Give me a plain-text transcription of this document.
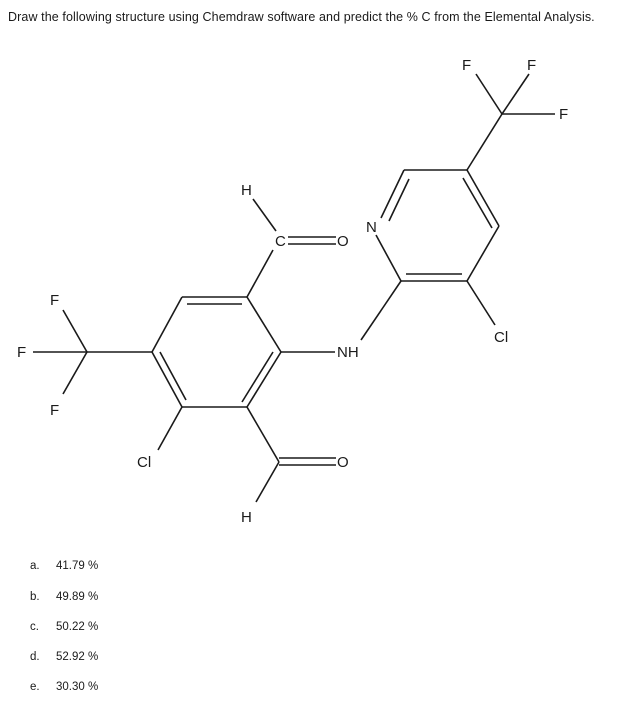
Draw the following structure using Chemdraw software and predict the % C from the Elemental Analysis.
F
F
F
H
C	O
H
O
Cl
NH
N
Cl
F	F
F
a. 41.79 %
b. 49.89 %
c. 50.22 %
d. 52.92 %
e. 30.30 %
